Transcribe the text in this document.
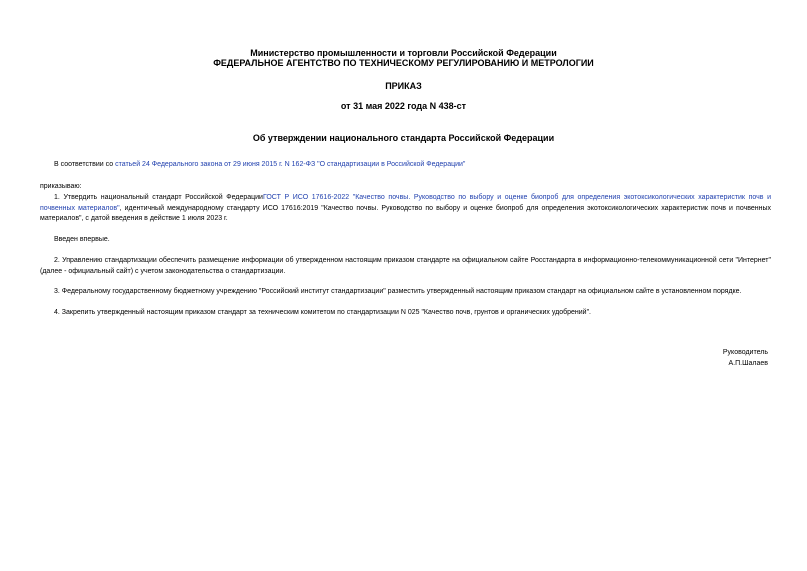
Министерство промышленности и торговли Российской Федерации
ФЕДЕРАЛЬНОЕ АГЕНТСТВО ПО ТЕХНИЧЕСКОМУ РЕГУЛИРОВАНИЮ И МЕТРОЛОГИИ
ПРИКАЗ
от 31 мая 2022 года N 438-ст
Об утверждении национального стандарта Российской Федерации
В соответствии со статьей 24 Федерального закона от 29 июня 2015 г. N 162-ФЗ "О стандартизации в Российской Федерации"
приказываю:
1. Утвердить национальный стандарт Российской ФедерацииГОСТ Р ИСО 17616-2022 "Качество почвы. Руководство по выбору и оценке биопроб для определения экотоксикологических характеристик почв и почвенных материалов", идентичный международному стандарту ИСО 17616:2019 "Качество почвы. Руководство по выбору и оценке биопроб для определения экотоксикологических характеристик почв и почвенных материалов", с датой введения в действие 1 июля 2023 г.
Введен впервые.
2. Управлению стандартизации обеспечить размещение информации об утвержденном настоящим приказом стандарте на официальном сайте Росстандарта в информационно-телекоммуникационной сети "Интернет" (далее - официальный сайт) с учетом законодательства о стандартизации.
3. Федеральному государственному бюджетному учреждению "Российский институт стандартизации" разместить утвержденный настоящим приказом стандарт на официальном сайте в установленном порядке.
4. Закрепить утвержденный настоящим приказом стандарт за техническим комитетом по стандартизации N 025 "Качество почв, грунтов и органических удобрений".
Руководитель
А.П.Шалаев
